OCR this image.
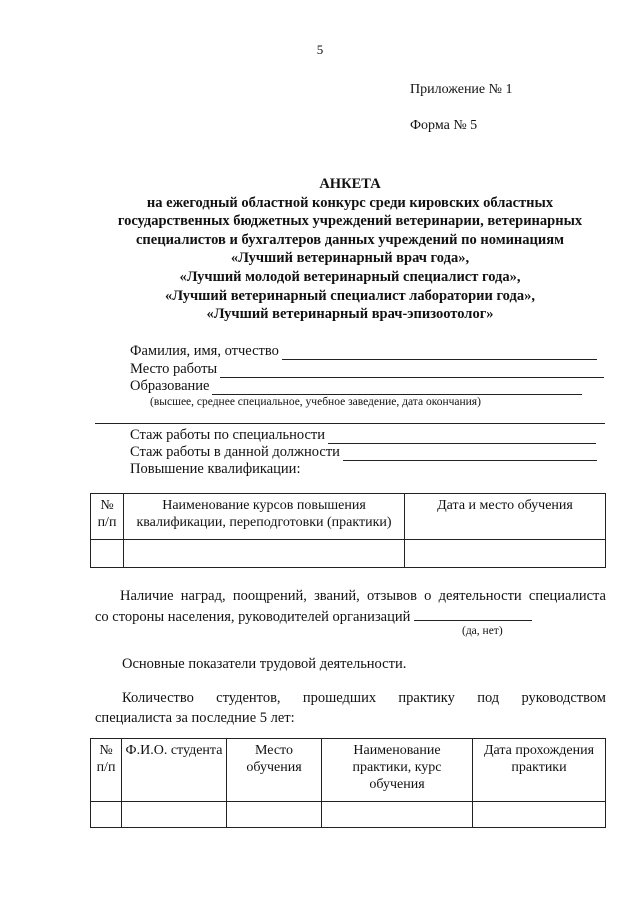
5
Приложение № 1
Форма № 5
АНКЕТА
на ежегодный областной конкурс среди кировских областных
государственных бюджетных учреждений ветеринарии, ветеринарных
специалистов и бухгалтеров данных учреждений по номинациям
«Лучший ветеринарный врач года»,
«Лучший молодой ветеринарный специалист года»,
«Лучший ветеринарный специалист лаборатории года»,
«Лучший ветеринарный врач-эпизоотолог»
Фамилия, имя, отчество
Место работы
Образование
(высшее, среднее специальное, учебное заведение, дата окончания)
Стаж работы по специальности
Стаж работы в данной должности
Повышение квалификации:
№ п/п	Наименование курсов повышения квалификации, переподготовки (практики)	Дата и место обучения

Наличие наград, поощрений, званий, отзывов о деятельности специалиста
со стороны населения, руководителей организаций
(да, нет)
Основные показатели трудовой деятельности.
Количество студентов, прошедших практику под руководством
специалиста за последние 5 лет:
№ п/п	Ф.И.О. студента	Место обучения	Наименование практики, курс обучения	Дата прохождения практики
